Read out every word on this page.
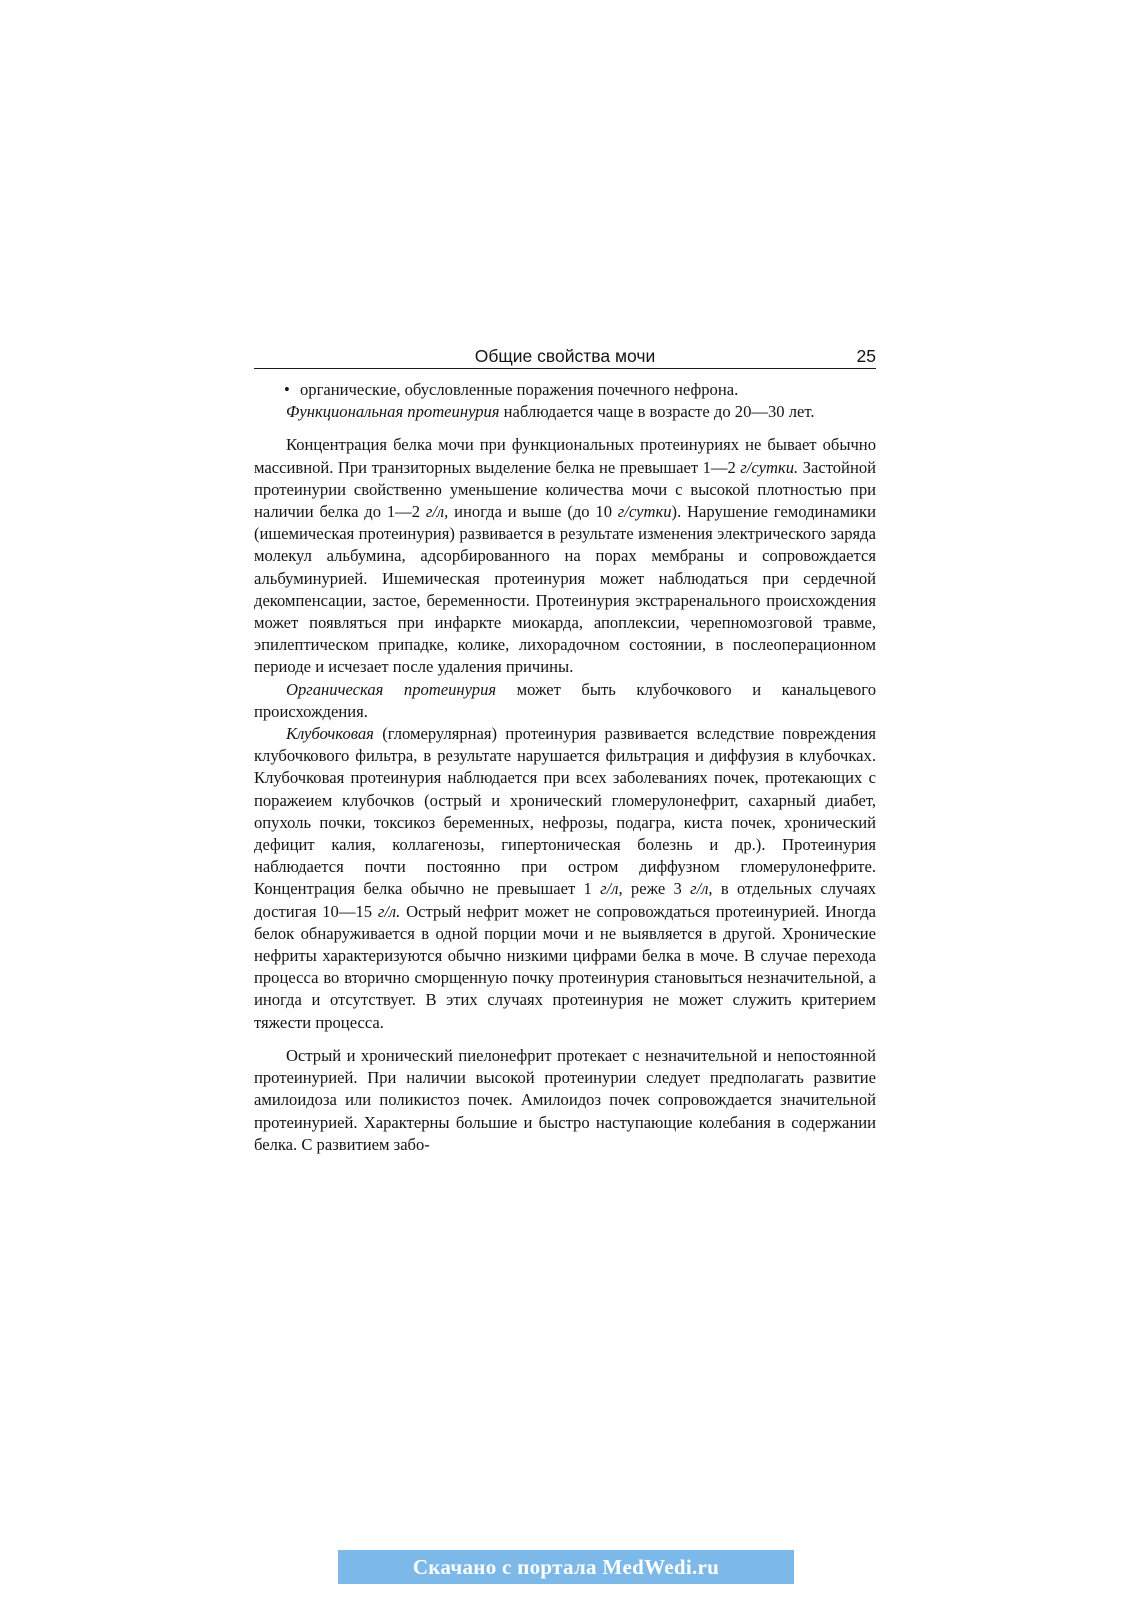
Общие свойства мочи	25

• органические, обусловленные поражения почечного нефрона.

Функциональная протеинурия наблюдается чаще в возрасте до 20—30 лет.

Концентрация белка мочи при функциональных протеинуриях не бывает обычно массивной. При транзиторных выделение белка не превышает 1—2 г/сутки. Застойной протеинурии свойственно уменьшение количества мочи с высокой плотностью при наличии белка до 1—2 г/л, иногда и выше (до 10 г/сутки). Нарушение гемодинамики (ишемическая протеинурия) развивается в результате изменения электрического заряда молекул альбумина, адсорбированного на порах мембраны и сопровождается альбуминурией. Ишемическая протеинурия может наблюдаться при сердечной декомпенсации, застое, беременности. Протеинурия экстраренального происхождения может появляться при инфаркте миокарда, апоплексии, черепномозговой травме, эпилептическом припадке, колике, лихорадочном состоянии, в послеоперационном периоде и исчезает после удаления причины.

Органическая протеинурия может быть клубочкового и канальцевого происхождения.

Клубочковая (гломерулярная) протеинурия развивается вследствие повреждения клубочкового фильтра, в результате нарушается фильтрация и диффузия в клубочках. Клубочковая протеинурия наблюдается при всех заболеваниях почек, протекающих с поражеием клубочков (острый и хронический гломерулонефрит, сахарный диабет, опухоль почки, токсикоз беременных, нефрозы, подагра, киста почек, хронический дефицит калия, коллагенозы, гипертоническая болезнь и др.). Протеинурия наблюдается почти постоянно при остром диффузном гломерулонефрите. Концентрация белка обычно не превышает 1 г/л, реже 3 г/л, в отдельных случаях достигая 10—15 г/л. Острый нефрит может не сопровождаться протеинурией. Иногда белок обнаруживается в одной порции мочи и не выявляется в другой. Хронические нефриты характеризуются обычно низкими цифрами белка в моче. В случае перехода процесса во вторично сморщенную почку протеинурия становыться незначительной, а иногда и отсутствует. В этих случаях протеинурия не может служить критерием тяжести процесса.

Острый и хронический пиелонефрит протекает с незначительной и непостоянной протеинурией. При наличии высокой протеинурии следует предполагать развитие амилоидоза или поликистоз почек. Амилоидоз почек сопровождается значительной протеинурией. Характерны большие и быстро наступающие колебания в содержании белка. С развитием забо-

Скачано с портала MedWedi.ru
